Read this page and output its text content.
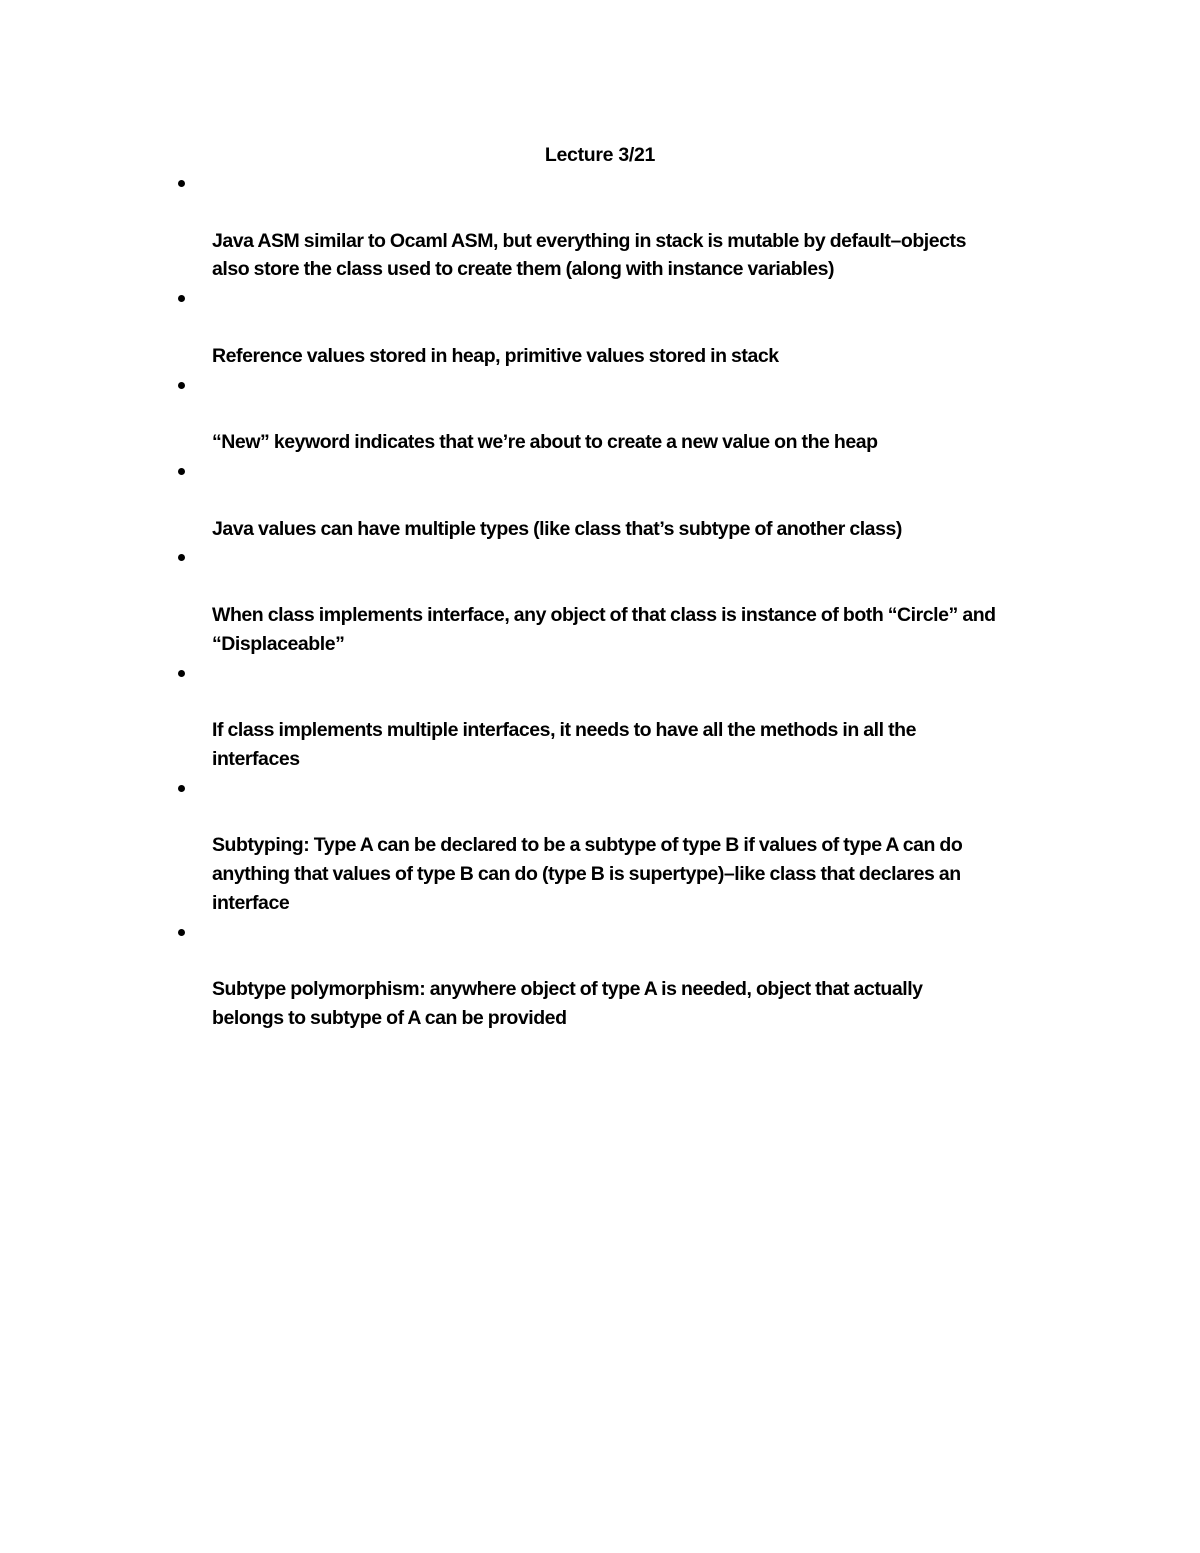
Lecture 3/21

Java ASM similar to Ocaml ASM, but everything in stack is mutable by default–objects
also store the class used to create them (along with instance variables)

Reference values stored in heap, primitive values stored in stack

“New” keyword indicates that we’re about to create a new value on the heap

Java values can have multiple types (like class that’s subtype of another class)

When class implements interface, any object of that class is instance of both “Circle” and
“Displaceable”

If class implements multiple interfaces, it needs to have all the methods in all the
interfaces

Subtyping: Type A can be declared to be a subtype of type B if values of type A can do
anything that values of type B can do (type B is supertype)–like class that declares an
interface

Subtype polymorphism: anywhere object of type A is needed, object that actually
belongs to subtype of A can be provided
